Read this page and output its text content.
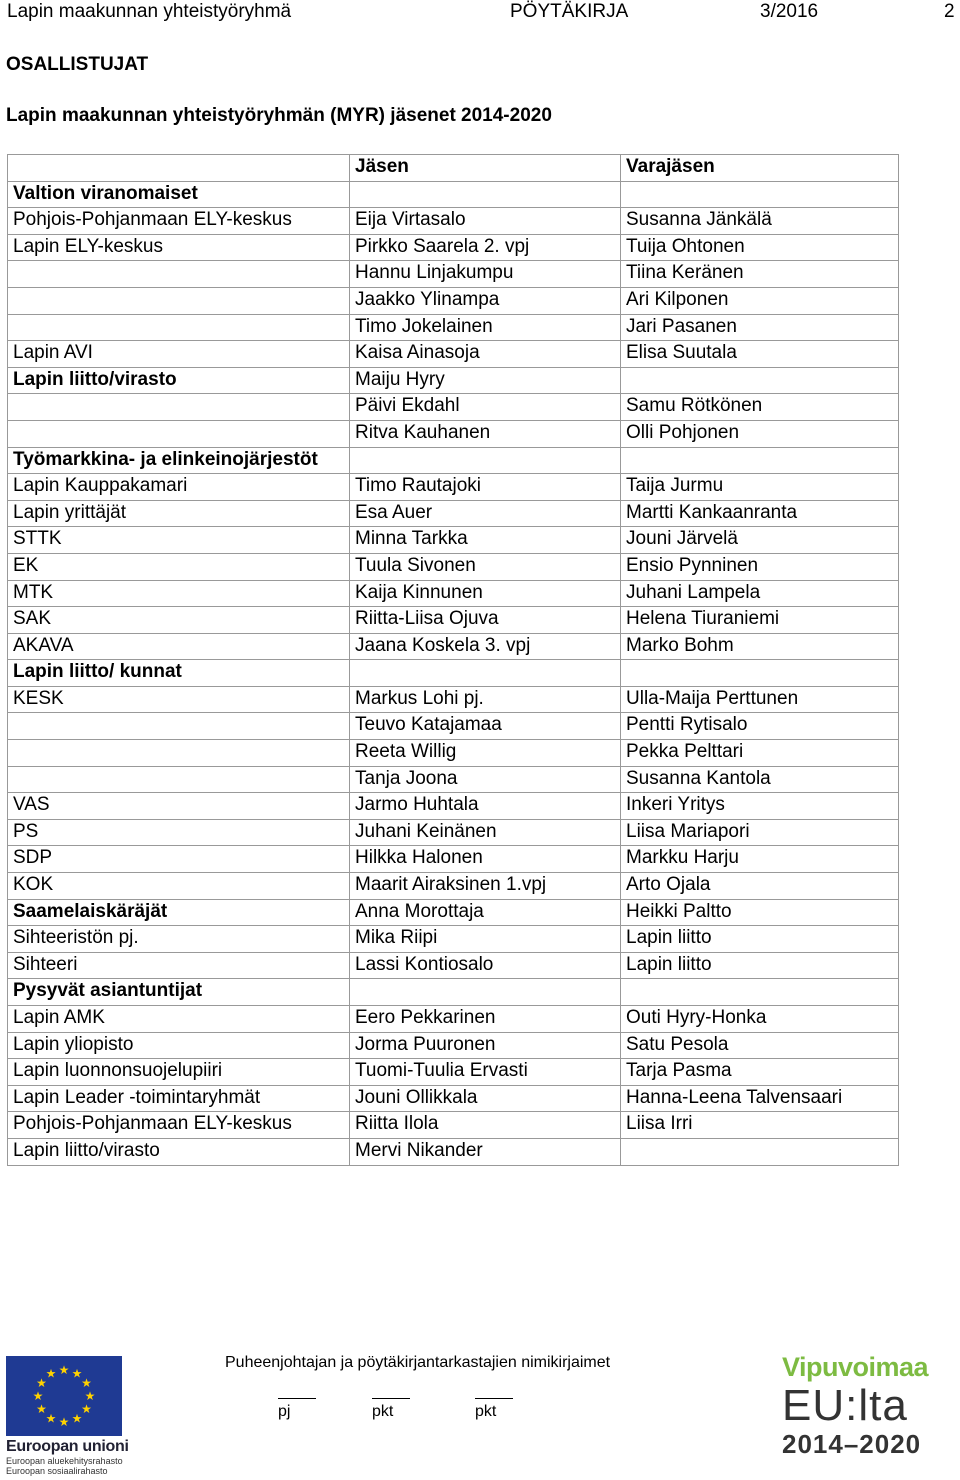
Lapin maakunnan yhteistyöryhmä	PÖYTÄKIRJA	3/2016	2
OSALLISTUJAT
Lapin maakunnan yhteistyöryhmän (MYR) jäsenet 2014-2020
	Jäsen	Varajäsen
Valtion viranomaiset		
Pohjois-Pohjanmaan ELY-keskus	Eija Virtasalo	Susanna Jänkälä
Lapin ELY-keskus	Pirkko Saarela 2. vpj	Tuija Ohtonen
	Hannu Linjakumpu	Tiina Keränen
	Jaakko Ylinampa	Ari Kilponen
	Timo Jokelainen	Jari Pasanen
Lapin AVI	Kaisa Ainasoja	Elisa Suutala
Lapin liitto/virasto	Maiju Hyry	
	Päivi Ekdahl	Samu Rötkönen
	Ritva Kauhanen	Olli Pohjonen
Työmarkkina- ja elinkeinojärjestöt		
Lapin Kauppakamari	Timo Rautajoki	Taija Jurmu
Lapin yrittäjät	Esa Auer	Martti Kankaanranta
STTK	Minna Tarkka	Jouni Järvelä
EK	Tuula Sivonen	Ensio Pynninen
MTK	Kaija Kinnunen	Juhani Lampela
SAK	Riitta-Liisa Ojuva	Helena Tiuraniemi
AKAVA	Jaana Koskela 3. vpj	Marko Bohm
Lapin liitto/ kunnat		
KESK	Markus Lohi pj.	Ulla-Maija Perttunen
	Teuvo Katajamaa	Pentti Rytisalo
	Reeta Willig	Pekka Pelttari
	Tanja Joona	Susanna Kantola
VAS	Jarmo Huhtala	Inkeri Yritys
PS	Juhani Keinänen	Liisa Mariapori
SDP	Hilkka Halonen	Markku Harju
KOK	Maarit Airaksinen 1.vpj	Arto Ojala
Saamelaiskäräjät	Anna Morottaja	Heikki Paltto
Sihteeristön pj.	Mika Riipi	Lapin liitto
Sihteeri	Lassi Kontiosalo	Lapin liitto
Pysyvät asiantuntijat		
Lapin AMK	Eero Pekkarinen	Outi Hyry-Honka
Lapin yliopisto	Jorma Puuronen	Satu Pesola
Lapin luonnonsuojelupiiri	Tuomi-Tuulia Ervasti	Tarja Pasma
Lapin Leader -toimintaryhmät	Jouni Ollikkala	Hanna-Leena Talvensaari
Pohjois-Pohjanmaan ELY-keskus	Riitta Ilola	Liisa Irri
Lapin liitto/virasto	Mervi Nikander	
★ ★
★
★
★
★
★
★
★
★
★
★
Euroopan unioni
Euroopan aluekehitysrahasto
Euroopan sosiaalirahasto
Puheenjohtajan ja pöytäkirjantarkastajien nimikirjaimet
pj	pkt	pkt
Vipuvoimaa
EU:lta
2014–2020
